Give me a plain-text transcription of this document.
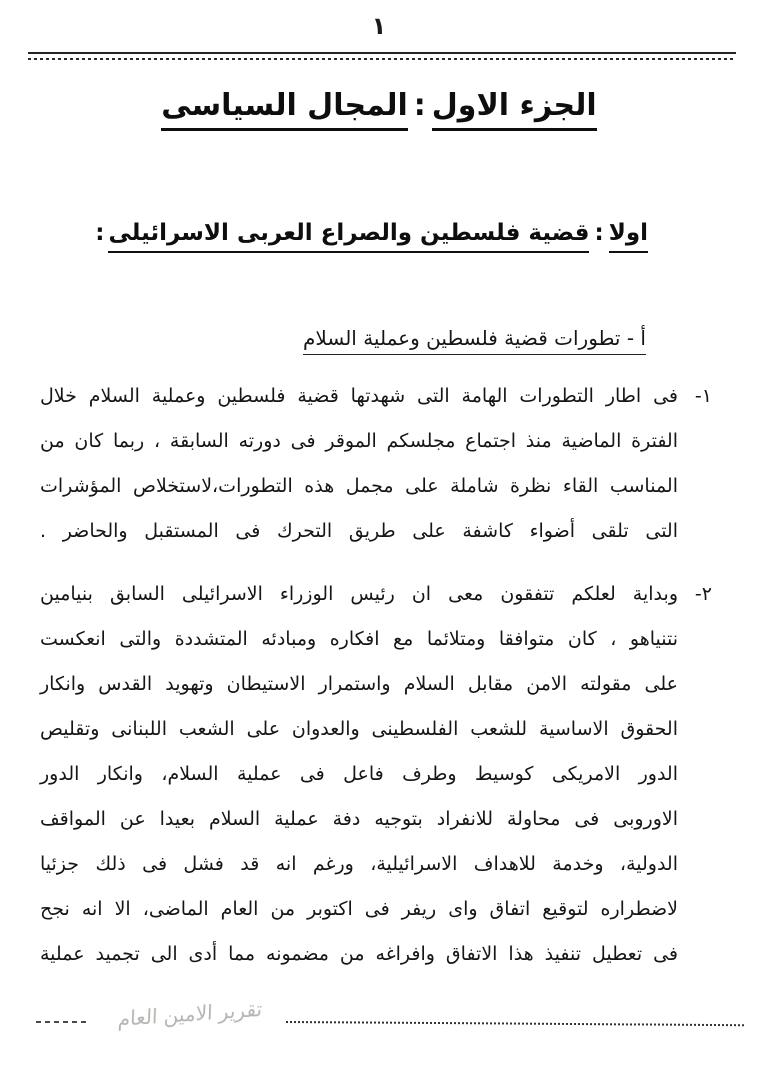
١
الجزء الاول:المجال السياسى
اولا:قضية فلسطين والصراع العربى الاسرائيلى:
أ - تطورات قضية فلسطين وعملية السلام
١-
فى اطار التطورات الهامة التى شهدتها قضية فلسطين وعملية السلام خلال
الفترة الماضية منذ اجتماع مجلسكم الموقر فى دورته السابقة ، ربما كان من
المناسب القاء نظرة شاملة على مجمل هذه التطورات،لاستخلاص المؤشرات
التى تلقى أضواء كاشفة على طريق التحرك فى المستقبل والحاضر .
٢-
وبداية لعلكم تتفقون معى ان رئيس الوزراء الاسرائيلى السابق بنيامين
نتنياهو ، كان متوافقا ومتلائما مع افكاره ومبادئه المتشددة والتى انعكست
على مقولته الامن مقابل السلام واستمرار الاستيطان وتهويد القدس وانكار
الحقوق الاساسية للشعب الفلسطينى والعدوان على الشعب اللبنانى وتقليص
الدور الامريكى كوسيط وطرف فاعل فى عملية السلام، وانكار الدور
الاوروبى فى محاولة للانفراد بتوجيه دفة عملية السلام بعيدا عن المواقف
الدولية، وخدمة للاهداف الاسرائيلية، ورغم انه قد فشل فى ذلك جزئيا
لاضطراره لتوقيع اتفاق واى ريفر فى اكتوبر من العام الماضى، الا انه نجح
فى تعطيل تنفيذ هذا الاتفاق وافراغه من مضمونه مما أدى الى تجميد عملية
تقرير الامين العام
